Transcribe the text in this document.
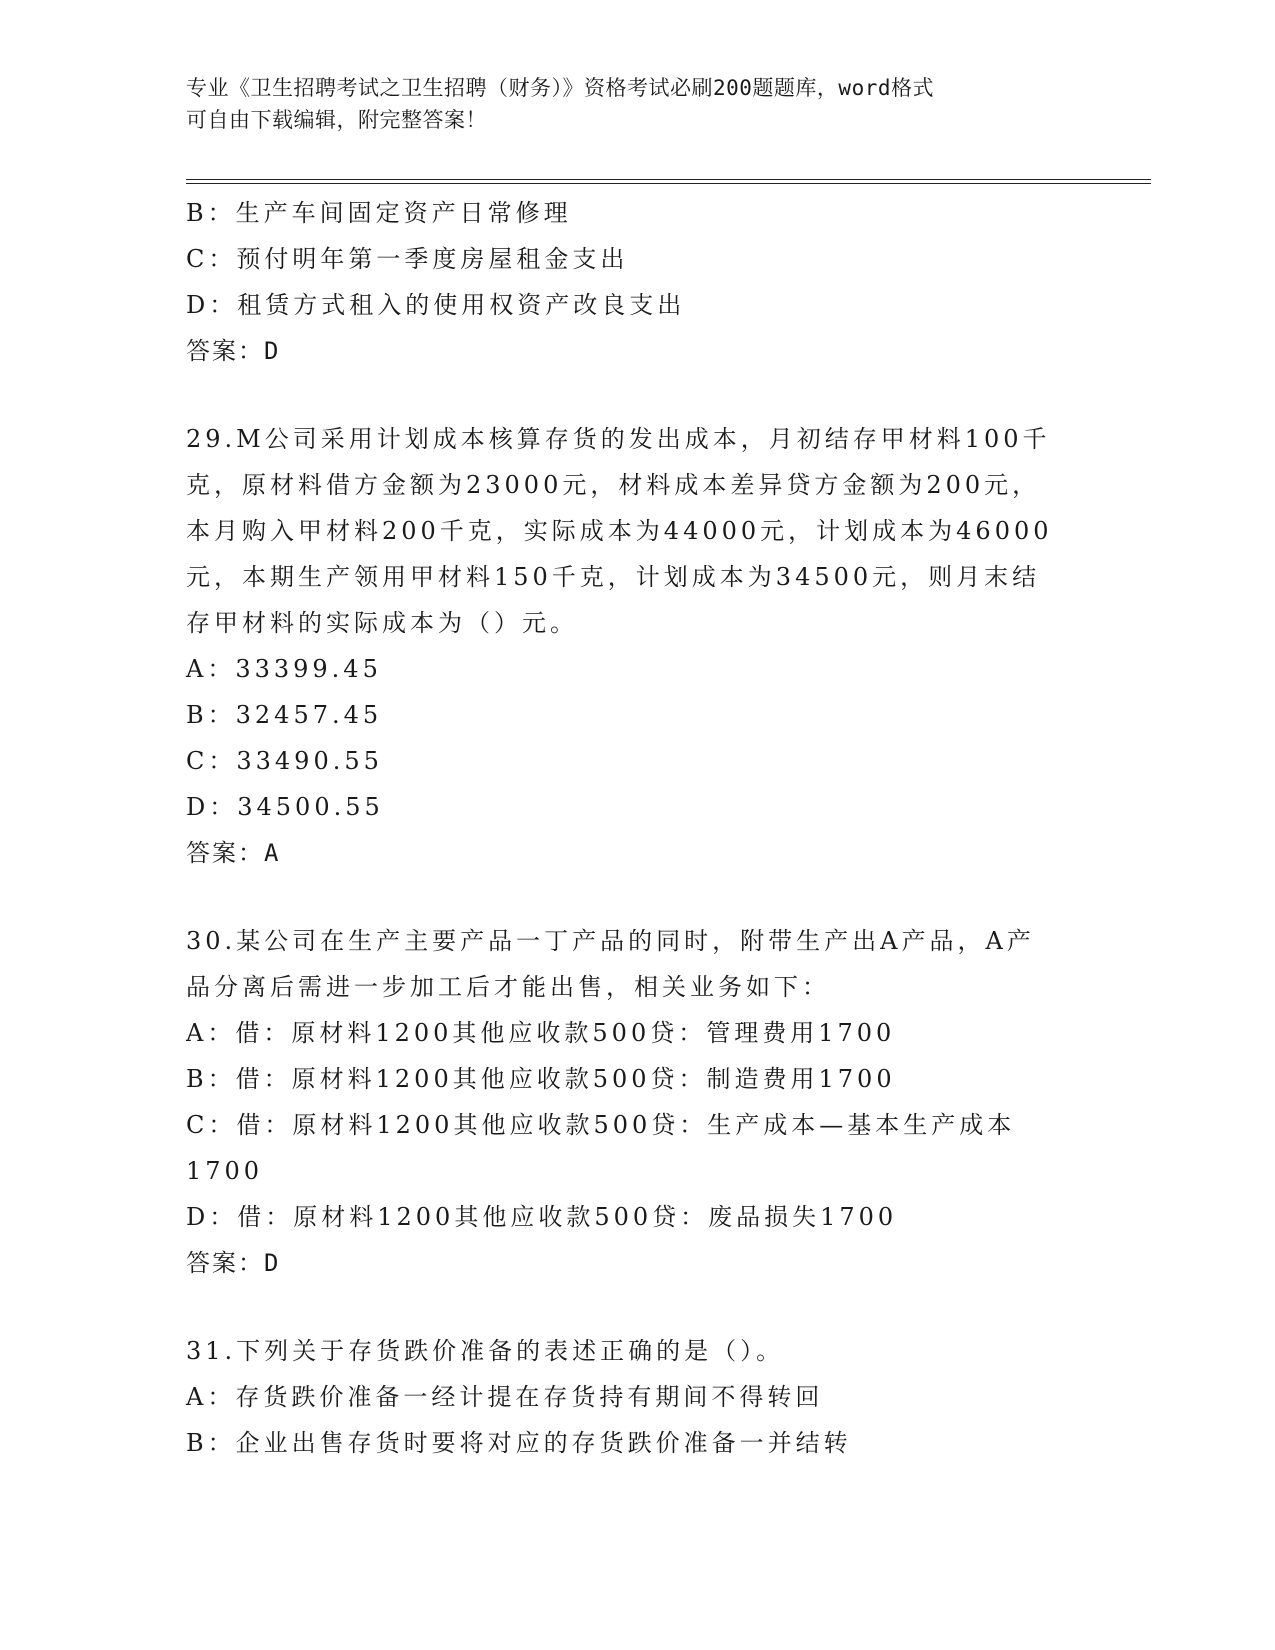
专业《卫生招聘考试之卫生招聘（财务）》资格考试必刷200题题库，word格式
可自由下载编辑，附完整答案！
B：生产车间固定资产日常修理
C：预付明年第一季度房屋租金支出
D：租赁方式租入的使用权资产改良支出
答案：D
29.M公司采用计划成本核算存货的发出成本，月初结存甲材料100千
克，原材料借方金额为23000元，材料成本差异贷方金额为200元，
本月购入甲材料200千克，实际成本为44000元，计划成本为46000
元，本期生产领用甲材料150千克，计划成本为34500元，则月末结
存甲材料的实际成本为（）元。
A：33399.45
B：32457.45
C：33490.55
D：34500.55
答案：A
30.某公司在生产主要产品一丁产品的同时，附带生产出A产品，A产
品分离后需进一步加工后才能出售，相关业务如下：
A：借：原材料1200其他应收款500贷：管理费用1700
B：借：原材料1200其他应收款500贷：制造费用1700
C：借：原材料1200其他应收款500贷：生产成本—基本生产成本
1700
D：借：原材料1200其他应收款500贷：废品损失1700
答案：D
31.下列关于存货跌价准备的表述正确的是（）。
A：存货跌价准备一经计提在存货持有期间不得转回
B：企业出售存货时要将对应的存货跌价准备一并结转
